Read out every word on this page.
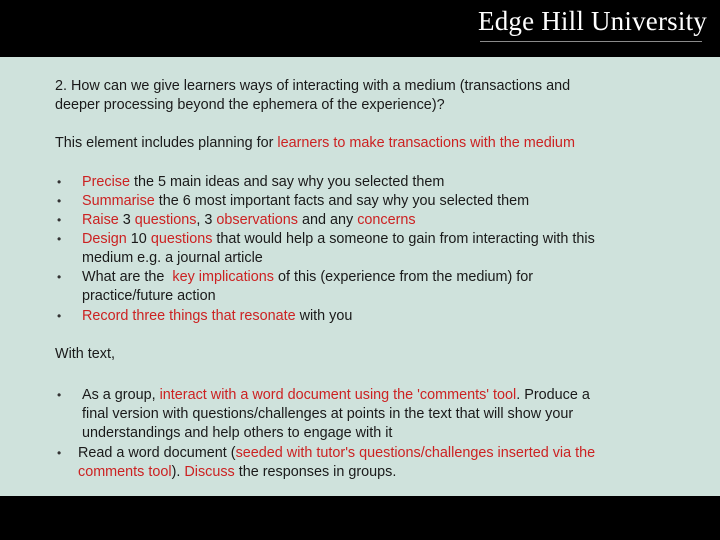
Edge Hill University
2. How can we give learners ways of interacting with a medium (transactions and
deeper processing beyond the ephemera of the experience)?
This element includes planning for learners to make transactions with the medium
• Precise the 5 main ideas and say why you selected them
• Summarise the 6 most important facts and say why you selected them
• Raise 3 questions, 3 observations and any concerns
• Design 10 questions that would help a someone to gain from interacting with this
medium e.g. a journal article
• What are the  key implications of this (experience from the medium) for
practice/future action
• Record three things that resonate with you
With text,
• As a group, interact with a word document using the 'comments' tool. Produce a
final version with questions/challenges at points in the text that will show your
understandings and help others to engage with it
• Read a word document (seeded with tutor's questions/challenges inserted via the
comments tool). Discuss the responses in groups.
